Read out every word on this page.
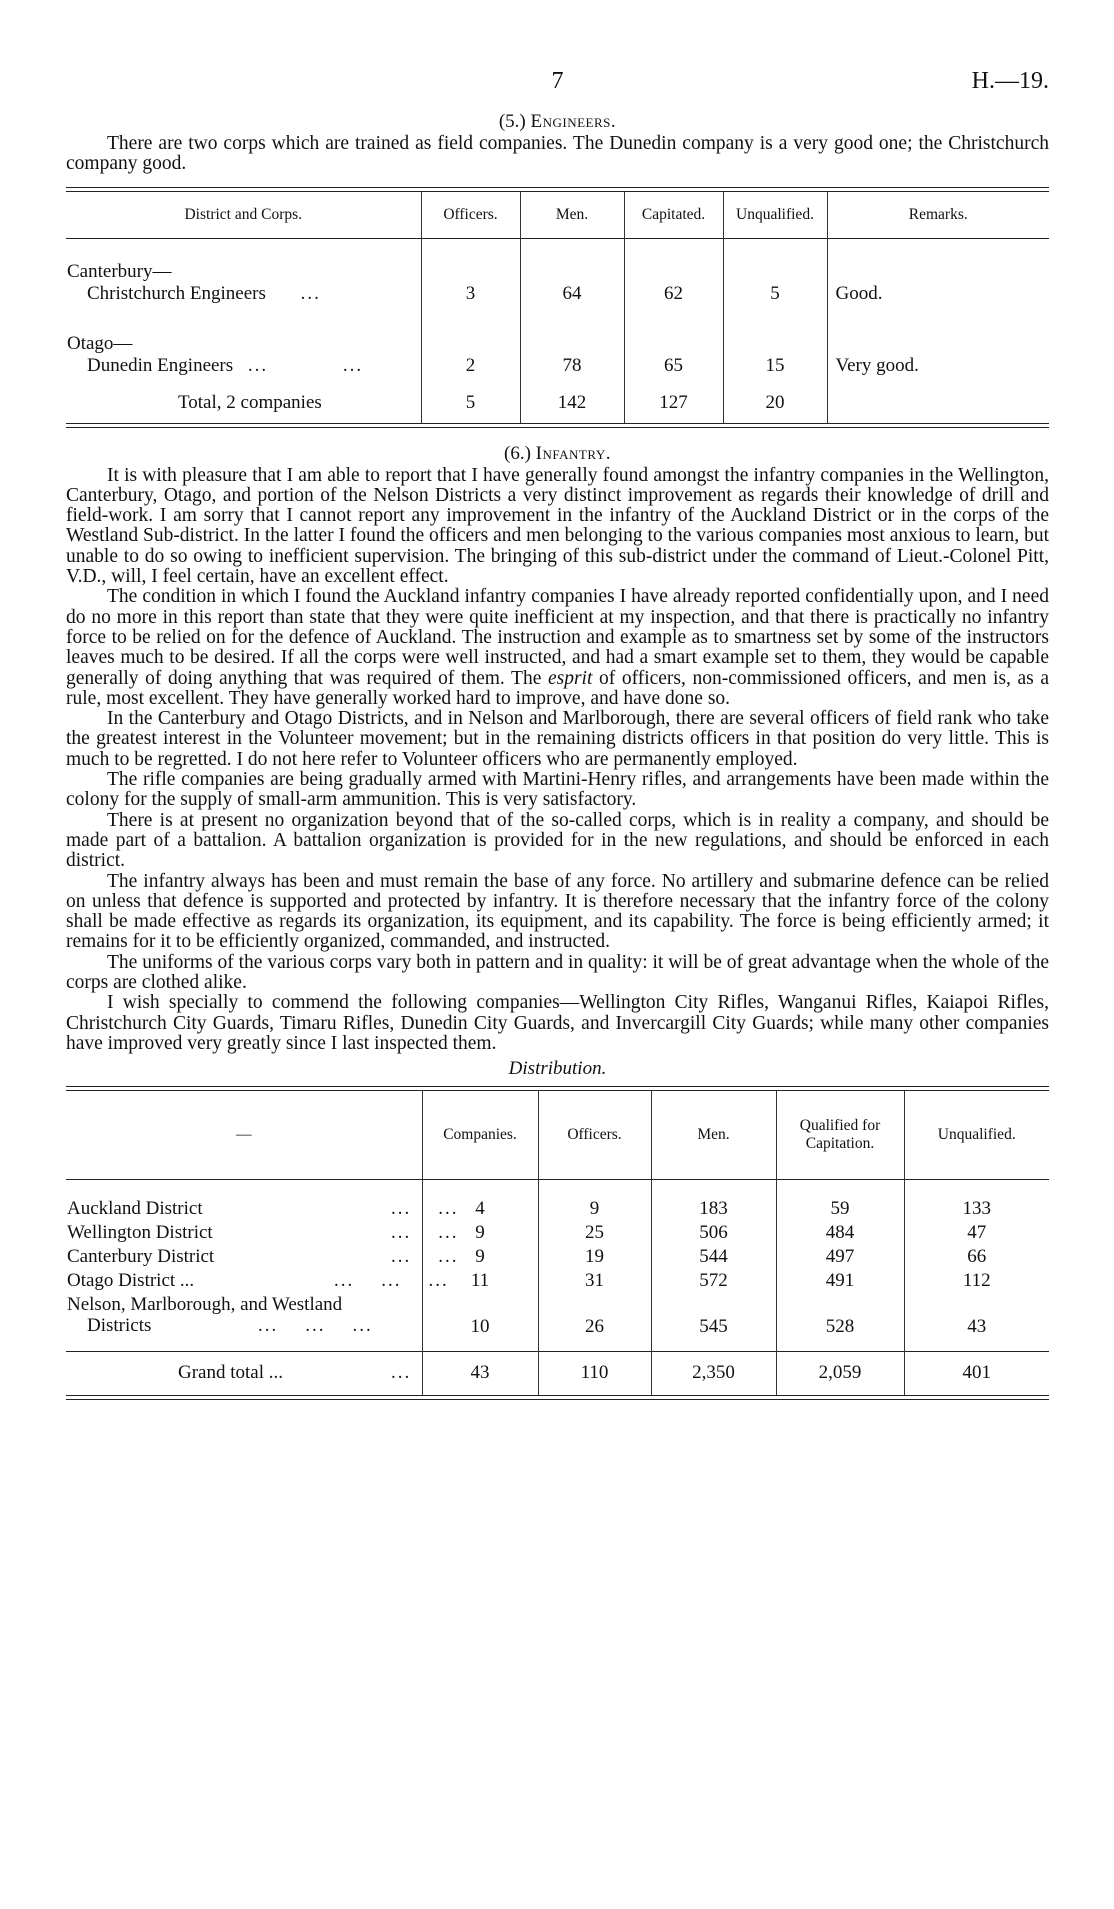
7	H.—19.

(5.) Engineers.

There are two corps which are trained as field companies. The Dunedin company is a very good one; the Christchurch company good.

District and Corps.	Officers.	Men.	Capitated.	Unqualified.	Remarks.

Canterbury—
Christchurch Engineers ...	3	64	62	5	Good.

Otago—
Dunedin Engineers ... ...	2	78	65	15	Very good.
Total, 2 companies	5	142	127	20	

(6.) Infantry.

It is with pleasure that I am able to report that I have generally found amongst the infantry companies in the Wellington, Canterbury, Otago, and portion of the Nelson Districts a very distinct improvement as regards their knowledge of drill and field-work. I am sorry that I cannot report any improvement in the infantry of the Auckland District or in the corps of the Westland Sub-district. In the latter I found the officers and men belonging to the various companies most anxious to learn, but unable to do so owing to inefficient supervision. The bringing of this sub-district under the command of Lieut.-Colonel Pitt, V.D., will, I feel certain, have an excellent effect.

The condition in which I found the Auckland infantry companies I have already reported confidentially upon, and I need do no more in this report than state that they were quite inefficient at my inspection, and that there is practically no infantry force to be relied on for the defence of Auckland. The instruction and example as to smartness set by some of the instructors leaves much to be desired. If all the corps were well instructed, and had a smart example set to them, they would be capable generally of doing anything that was required of them. The esprit of officers, non-commissioned officers, and men is, as a rule, most excellent. They have generally worked hard to improve, and have done so.

In the Canterbury and Otago Districts, and in Nelson and Marlborough, there are several officers of field rank who take the greatest interest in the Volunteer movement; but in the remaining districts officers in that position do very little. This is much to be regretted. I do not here refer to Volunteer officers who are permanently employed.

The rifle companies are being gradually armed with Martini-Henry rifles, and arrangements have been made within the colony for the supply of small-arm ammunition. This is very satisfactory.

There is at present no organization beyond that of the so-called corps, which is in reality a company, and should be made part of a battalion. A battalion organization is provided for in the new regulations, and should be enforced in each district.

The infantry always has been and must remain the base of any force. No artillery and submarine defence can be relied on unless that defence is supported and protected by infantry. It is therefore necessary that the infantry force of the colony shall be made effective as regards its organization, its equipment, and its capability. The force is being efficiently armed; it remains for it to be efficiently organized, commanded, and instructed.

The uniforms of the various corps vary both in pattern and in quality: it will be of great advantage when the whole of the corps are clothed alike.

I wish specially to commend the following companies—Wellington City Rifles, Wanganui Rifles, Kaiapoi Rifles, Christchurch City Guards, Timaru Rifles, Dunedin City Guards, and Invercargill City Guards; while many other companies have improved very greatly since I last inspected them.

Distribution.
—	Companies.	Officers.	Men.	Qualified for Capitation.	Unqualified.
Auckland District ...    ...	4	9	183	59	133
Wellington District ...    ...	9	25	506	484	47
Canterbury District ...    ...	9	19	544	497	66
Otago District ... ...    ...    ...	11	31	572	491	112

Nelson, Marlborough, and Westland
Districts ...    ...    ...	10	26	545	528	43

Grand total ... ...	43	110	2,350	2,059	401
